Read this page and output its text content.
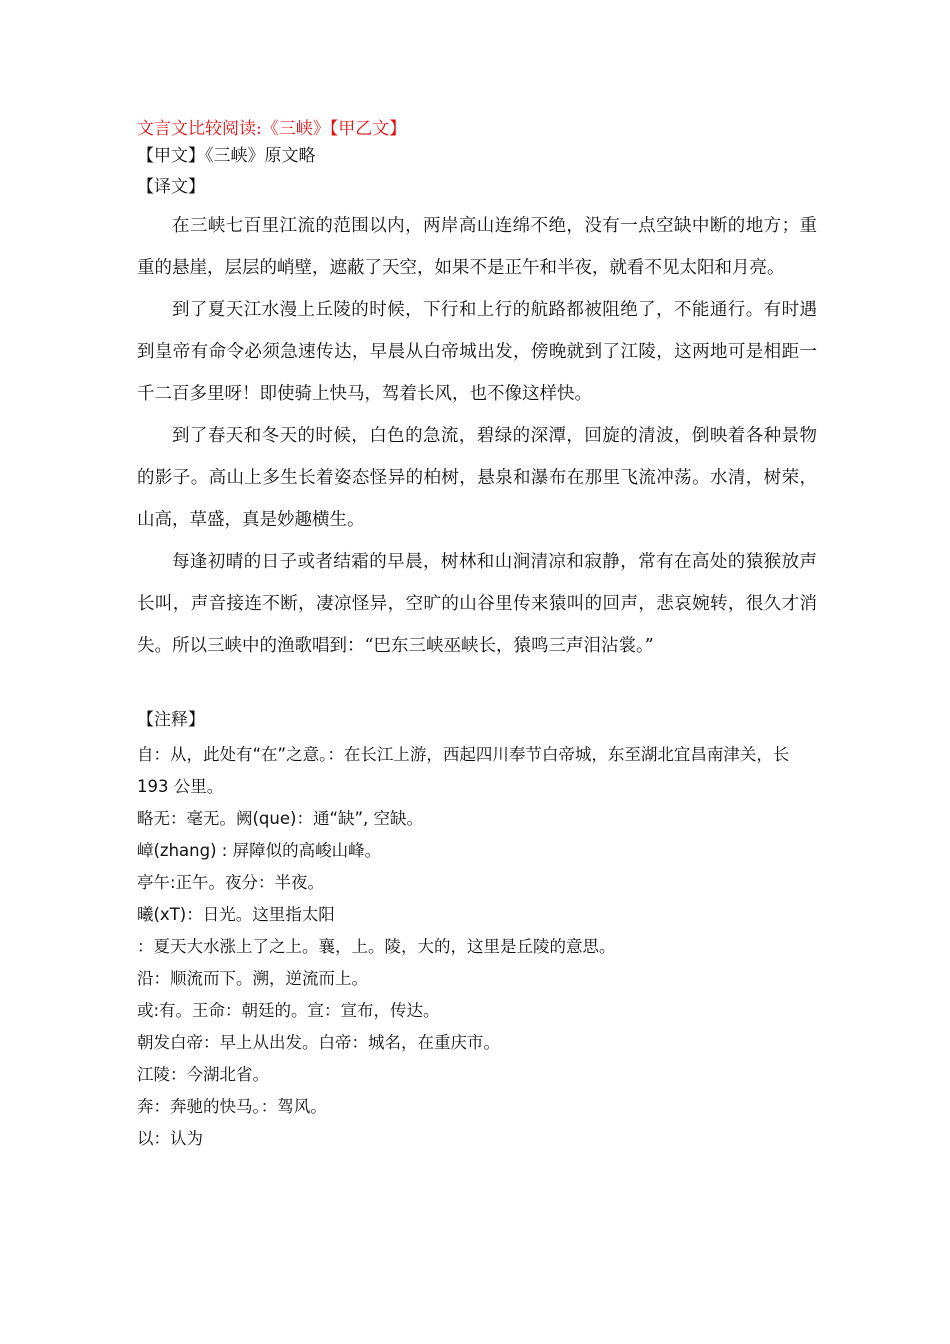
文言文比较阅读:《三峡》【甲乙文】

【甲文】《三峡》原文略

【译文】

在三峡七百里江流的范围以内，两岸高山连绵不绝，没有一点空缺中断的地方；重重的悬崖，层层的峭壁，遮蔽了天空，如果不是正午和半夜，就看不见太阳和月亮。

到了夏天江水漫上丘陵的时候，下行和上行的航路都被阻绝了，不能通行。有时遇到皇帝有命令必须急速传达，早晨从白帝城出发，傍晚就到了江陵，这两地可是相距一千二百多里呀！即使骑上快马，驾着长风，也不像这样快。

到了春天和冬天的时候，白色的急流，碧绿的深潭，回旋的清波，倒映着各种景物的影子。高山上多生长着姿态怪异的柏树，悬泉和瀑布在那里飞流冲荡。水清，树荣，山高，草盛，真是妙趣横生。

每逢初晴的日子或者结霜的早晨，树林和山涧清凉和寂静，常有在高处的猿猴放声长叫，声音接连不断，凄凉怪异，空旷的山谷里传来猿叫的回声，悲哀婉转，很久才消失。所以三峡中的渔歌唱到：“巴东三峡巫峡长，猿鸣三声泪沾裳。”

【注释】

自：从，此处有“在”之意。：在长江上游，西起四川奉节白帝城，东至湖北宜昌南津关，长 193 公里。

略无：毫无。阙(que)：通“缺”, 空缺。

嶂(zhang) : 屏障似的高峻山峰。

亭午:正午。夜分：半夜。

曦(xT)：日光。这里指太阳

：夏天大水涨上了之上。襄，上。陵，大的，这里是丘陵的意思。

沿：顺流而下。溯，逆流而上。

或:有。王命：朝廷的。宣：宣布，传达。

朝发白帝：早上从出发。白帝：城名，在重庆市。

江陵：今湖北省。

奔：奔驰的快马。：驾风。

以：认为
